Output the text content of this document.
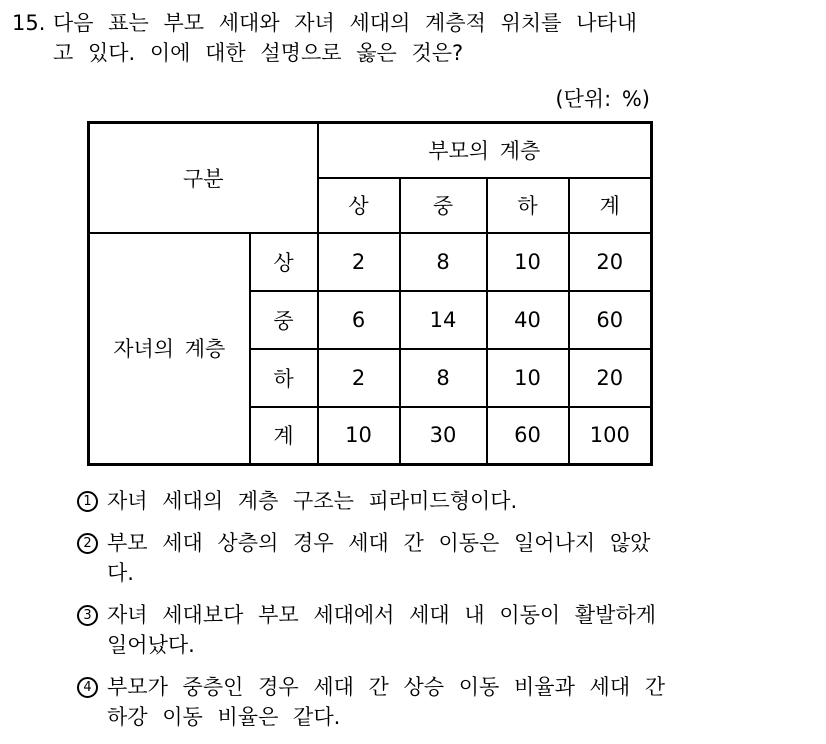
15. 다음 표는 부모 세대와 자녀 세대의 계층적 위치를 나타내
고 있다. 이에 대한 설명으로 옳은 것은?
(단위: %)
구분		부모의 계층			
		상	중	하	계
자녀의 계층	상	2	8	10	20
	중	6	14	40	60
	하	2	8	10	20
	계	10	30	60	100
1 자녀 세대의 계층 구조는 피라미드형이다.
2 부모 세대 상층의 경우 세대 간 이동은 일어나지 않았
다.
3 자녀 세대보다 부모 세대에서 세대 내 이동이 활발하게
일어났다.
4 부모가 중층인 경우 세대 간 상승 이동 비율과 세대 간
하강 이동 비율은 같다.
